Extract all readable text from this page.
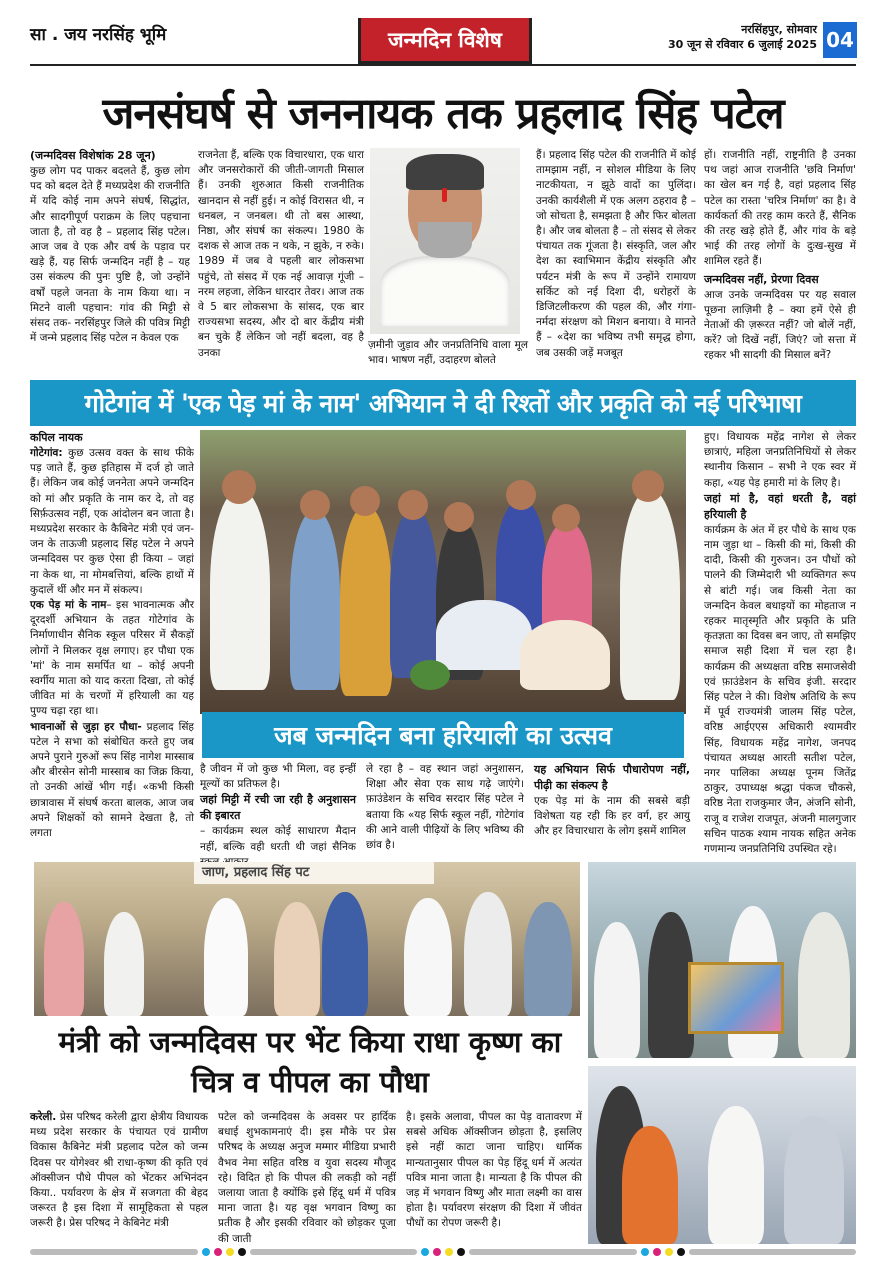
सा . जय नरसिंह भूमि	जन्मदिन विशेष	नरसिंहपुर, सोमवार
30 जून से रविवार 6 जुलाई 2025 04
जनसंघर्ष से जननायक तक प्रहलाद सिंह पटेल
(जन्मदिवस विशेषांक 28 जून)
कुछ लोग पद पाकर बदलते हैं, कुछ लोग पद को बदल देते हैं मध्यप्रदेश की राजनीति में यदि कोई नाम अपने संघर्ष, सिद्धांत, और सादगीपूर्ण पराक्रम के लिए पहचाना जाता है, तो वह है – प्रहलाद सिंह पटेल। आज जब वे एक और वर्ष के पड़ाव पर खड़े हैं, यह सिर्फ जन्मदिन नहीं है – यह उस संकल्प की पुनः पुष्टि है, जो उन्होंने वर्षों पहले जनता के नाम किया था। न मिटने वाली पहचान: गांव की मिट्टी से संसद तक- नरसिंहपुर जिले की पवित्र मिट्टी में जन्मे प्रहलाद सिंह पटेल न केवल एक
राजनेता हैं, बल्कि एक विचारधारा, एक धारा और जनसरोकारों की जीती-जागती मिसाल हैं। उनकी शुरुआत किसी राजनीतिक खानदान से नहीं हुई। न कोई विरासत थी, न धनबल, न जनबल। थी तो बस आस्था, निष्ठा, और संघर्ष का संकल्प। 1980 के दशक से आज तक न थके, न झुके, न रुके। 1989 में जब वे पहली बार लोकसभा पहुंचे, तो संसद में एक नई आवाज़ गूंजी – नरम लहजा, लेकिन धारदार तेवर। आज तक वे 5 बार लोकसभा के सांसद, एक बार राज्यसभा सदस्य, और दो बार केंद्रीय मंत्री बन चुके हैं लेकिन जो नहीं बदला, वह है उनका
ज़मीनी जुड़ाव और जनप्रतिनिधि वाला मूल भाव। भाषण नहीं, उदाहरण बोलते
हैं। प्रहलाद सिंह पटेल की राजनीति में कोई तामझाम नहीं, न सोशल मीडिया के लिए नाटकीयता, न झूठे वादों का पुलिंदा। उनकी कार्यशैली में एक अलग ठहराव है – जो सोचता है, समझता है और फिर बोलता है। और जब बोलता है – तो संसद से लेकर पंचायत तक गूंजता है। संस्कृति, जल और देश का स्वाभिमान केंद्रीय संस्कृति और पर्यटन मंत्री के रूप में उन्होंने रामायण सर्किट को नई दिशा दी, धरोहरों के डिजिटलीकरण की पहल की, और गंगा-नर्मदा संरक्षण को मिशन बनाया। वे मानते हैं – «देश का भविष्य तभी समृद्ध होगा, जब उसकी जड़ें मजबूत
हों। राजनीति नहीं, राष्ट्रनीति है उनका पथ जहां आज राजनीति 'छवि निर्माण' का खेल बन गई है, वहां प्रहलाद सिंह पटेल का रास्ता 'चरित्र निर्माण' का है। वे कार्यकर्ता की तरह काम करते हैं, सैनिक की तरह खड़े होते हैं, और गांव के बड़े भाई की तरह लोगों के दुःख-सुख में शामिल रहते हैं।
जन्मदिवस नहीं, प्रेरणा दिवस
आज उनके जन्मदिवस पर यह सवाल पूछना लाज़िमी है – क्या हमें ऐसे ही नेताओं की ज़रूरत नहीं? जो बोलें नहीं, करें? जो दिखें नहीं, जिएं? जो सत्ता में रहकर भी सादगी की मिसाल बनें?
गोटेगांव में 'एक पेड़ मां के नाम' अभियान ने दी रिश्तों और प्रकृति को नई परिभाषा
कपिल नायक
गोटेगांव: कुछ उत्सव वक्त के साथ फीके पड़ जाते हैं, कुछ इतिहास में दर्ज हो जाते हैं। लेकिन जब कोई जननेता अपने जन्मदिन को मां और प्रकृति के नाम कर दे, तो वह सिर्फ़उत्सव नहीं, एक आंदोलन बन जाता है। मध्यप्रदेश सरकार के कैबिनेट मंत्री एवं जन-जन के ताऊजी प्रहलाद सिंह पटेल ने अपने जन्मदिवस पर कुछ ऐसा ही किया – जहां ना केक था, ना मोमबत्तियां, बल्कि हाथों में कुदालें थीं और मन में संकल्प।
एक पेड़ मां के नाम– इस भावनात्मक और दूरदर्शी अभियान के तहत गोटेगांव के निर्माणाधीन सैनिक स्कूल परिसर में सैकड़ों लोगों ने मिलकर वृक्ष लगाए। हर पौधा एक 'मां' के नाम समर्पित था – कोई अपनी स्वर्गीय माता को याद करता दिखा, तो कोई जीवित मां के चरणों में हरियाली का यह पुण्य चढ़ा रहा था।
भावनाओं से जुड़ा हर पौधा- प्रहलाद सिंह पटेल ने सभा को संबोधित करते हुए जब अपने पुराने गुरुओं रूप सिंह नागेश मास्साब और बीरसेन सोनी मास्साब का जिक्र किया, तो उनकी आंखें भीग गईं। «कभी किसी छात्रावास में संघर्ष करता बालक, आज जब अपने शिक्षकों को सामने देखता है, तो लगता
जब जन्मदिन बना हरियाली का उत्सव
है जीवन में जो कुछ भी मिला, वह इन्हीं मूल्यों का प्रतिफल है।
जहां मिट्टी में रची जा रही है अनुशासन की इबारत
– कार्यक्रम स्थल कोई साधारण मैदान नहीं, बल्कि वही धरती थी जहां सैनिक
ले रहा है – वह स्थान जहां अनुशासन, शिक्षा और सेवा एक साथ गढ़े जाएंगे। फ़ाउंडेशन के सचिव सरदार सिंह पटेल ने बताया कि «यह सिर्फ स्कूल नहीं, गोटेगांव की आने वाली पीढ़ियों के लिए भविष्य की छांव है।
यह अभियान सिर्फ पौधारोपण नहीं, पीढ़ी का संकल्प है
एक पेड़ मां के नाम की सबसे बड़ी विशेषता यह रही कि हर वर्ग, हर आयु और हर विचारधारा के लोग इसमें शामिल
हुए। विधायक महेंद्र नागेश से लेकर छात्राएं, महिला जनप्रतिनिधियों से लेकर स्थानीय किसान – सभी ने एक स्वर में कहा, «यह पेड़ हमारी मां के लिए है।
जहां मां है, वहां धरती है, वहां हरियाली है
कार्यक्रम के अंत में हर पौधे के साथ एक नाम जुड़ा था – किसी की मां, किसी की दादी, किसी की गुरुजन। उन पौधों को पालने की जिम्मेदारी भी व्यक्तिगत रूप से बांटी गई। जब किसी नेता का जन्मदिन केवल बधाइयों का मोहताज न रहकर मातृस्मृति और प्रकृति के प्रति कृतज्ञता का दिवस बन जाए, तो समझिए समाज सही दिशा में चल रहा है। कार्यक्रम की अध्यक्षता वरिष्ठ समाजसेवी एवं फ़ाउंडेशन के सचिव इंजी. सरदार सिंह पटेल ने की। विशेष अतिथि के रूप में पूर्व राज्यमंत्री जालम सिंह पटेल, वरिष्ठ आईएएस अधिकारी श्यामवीर सिंह, विधायक महेंद्र नागेश, जनपद पंचायत अध्यक्ष आरती सतीश पटेल, नगर पालिका अध्यक्ष पूनम जितेंद्र ठाकुर, उपाध्यक्ष श्रद्धा पंकज चौकसे, वरिष्ठ नेता राजकुमार जैन, अंजनि सोनी, राजू व राजेश राजपूत, अंजनी मालगुजार सचिन पाठक श्याम नायक सहित अनेक गणमान्य जनप्रतिनिधि उपस्थित रहे।
जाण, प्रहलाद सिंह पट
मंत्री को जन्मदिवस पर भेंट किया राधा कृष्ण का चित्र व पीपल का पौधा
करेली. प्रेस परिषद करेली द्वारा क्षेत्रीय विधायक मध्य प्रदेश सरकार के पंचायत एवं ग्रामीण विकास कैबिनेट मंत्री प्रहलाद पटेल को जन्म दिवस पर योगेश्वर श्री राधा-कृष्ण की कृति एवं ऑक्सीजन पौधे पीपल को भेंटकर अभिनंदन किया.. पर्यावरण के क्षेत्र में सजगता की बेहद जरूरत है इस दिशा में सामूहिकता से पहल जरूरी है। प्रेस परिषद ने केबिनेट मंत्री
पटेल को जन्मदिवस के अवसर पर हार्दिक बधाई शुभकामनाएं दी। इस मौके पर प्रेस परिषद के अध्यक्ष अनुज मम्मार मीडिया प्रभारी वैभव नेमा सहित वरिष्ठ व युवा सदस्य मौजूद रहे। विदित हो कि पीपल की लकड़ी को नहीं जलाया जाता है क्योंकि इसे हिंदू धर्म में पवित्र माना जाता है। यह वृक्ष भगवान विष्णु का प्रतीक है और इसकी रविवार को छोड़कर पूजा की जाती
है। इसके अलावा, पीपल का पेड़ वातावरण में सबसे अधिक ऑक्सीजन छोड़ता है, इसलिए इसे नहीं काटा जाना चाहिए। धार्मिक मान्यतानुसार पीपल का पेड़ हिंदू धर्म में अत्यंत पवित्र माना जाता है। मान्यता है कि पीपल की जड़ में भगवान विष्णु और माता लक्ष्मी का वास होता है। पर्यावरण संरक्षण की दिशा में जीवंत पौधों का रोपण जरूरी है।
